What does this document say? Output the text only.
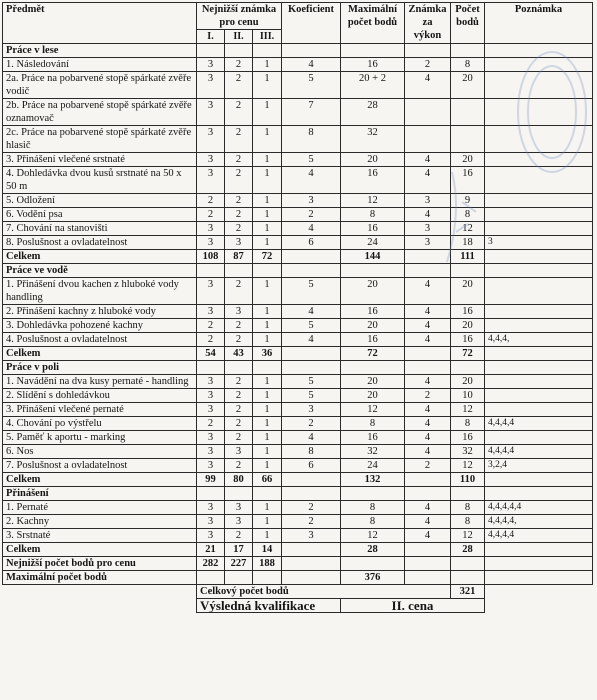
Předmět	Nejnižší známka pro cenu			Koeficient	Maximální počet bodů	Známka za výkon	Počet bodů	Poznámka
	I.	II.	III.					
Práce v lese								
1. Následování	3	2	1	4	16	2	8	
2a. Práce na pobarvené stopě spárkaté zvěře vodič	3	2	1	5	20 + 2	4	20	
2b. Práce na pobarvené stopě spárkaté zvěře oznamovač	3	2	1	7	28			
2c. Práce na pobarvené stopě spárkaté zvěře hlasič	3	2	1	8	32			
3. Přinášení vlečené srstnaté	3	2	1	5	20	4	20	
4. Dohledávka dvou kusů srstnaté na 50 x 50 m	3	2	1	4	16	4	16	
5. Odložení	2	2	1	3	12	3	9	
6. Vodění psa	2	2	1	2	8	4	8	
7. Chování na stanovišti	3	2	1	4	16	3	12	
8. Poslušnost a ovladatelnost	3	3	1	6	24	3	18	3
Celkem	108	87	72		144		111	
Práce ve vodě								
1. Přinášení dvou kachen z hluboké vody handling	3	2	1	5	20	4	20	
2. Přinášení kachny z hluboké vody	3	3	1	4	16	4	16	
3. Dohledávka pohozené kachny	2	2	1	5	20	4	20	
4. Poslušnost a ovladatelnost	2	2	1	4	16	4	16	4,4,4,
Celkem	54	43	36		72		72	
Práce v poli								
1. Navádění na dva kusy pernaté - handling	3	2	1	5	20	4	20	
2. Slídění s dohledávkou	3	2	1	5	20	2	10	
3. Přinášení vlečené pernaté	3	2	1	3	12	4	12	
4. Chování po výstřelu	2	2	1	2	8	4	8	4,4,4,4
5. Paměť k aportu - marking	3	2	1	4	16	4	16	
6. Nos	3	3	1	8	32	4	32	4,4,4,4
7. Poslušnost a ovladatelnost	3	2	1	6	24	2	12	3,2,4
Celkem	99	80	66		132		110	
Přinášení								
1. Pernaté	3	3	1	2	8	4	8	4,4,4,4,4
2. Kachny	3	3	1	2	8	4	8	4,4,4,4,
3. Srstnaté	3	2	1	3	12	4	12	4,4,4,4
Celkem	21	17	14		28		28	
Nejnižší počet bodů pro cenu	282	227	188					
Maximální počet bodů					376			
	Celkový počet bodů						321	
	Výsledná kvalifikace				II. cena			
